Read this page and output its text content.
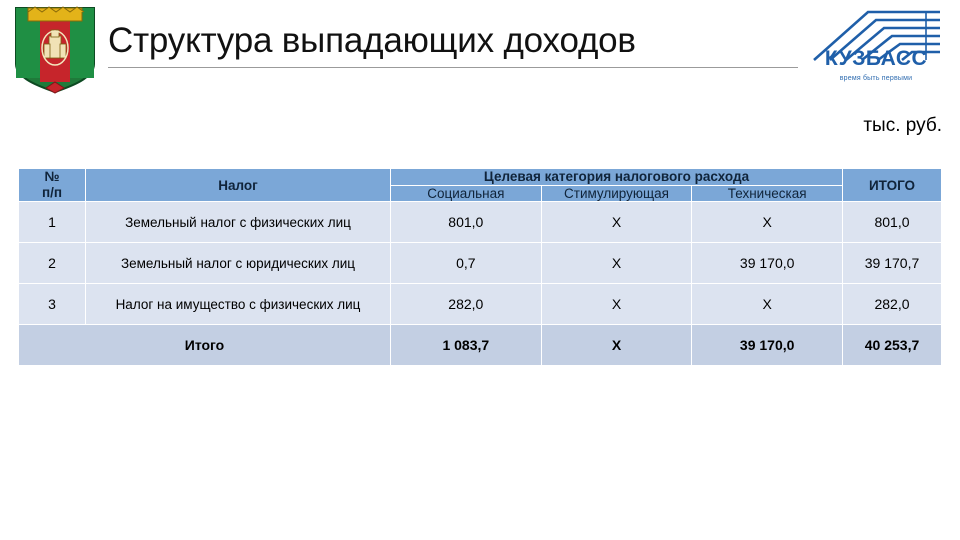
Структура выпадающих доходов	КУЗБАСС
время быть первыми
тыс. руб.
№
п/п	Налог	Целевая категория налогового расхода			ИТОГО
		Социальная	Стимулирующая	Техническая	
1	Земельный налог с физических лиц	801,0	X	X	801,0
2	Земельный налог с юридических лиц	0,7	X	39 170,0	39 170,7
3	Налог на имущество с физических лиц	282,0	X	X	282,0
Итого		1 083,7	X	39 170,0	40 253,7
